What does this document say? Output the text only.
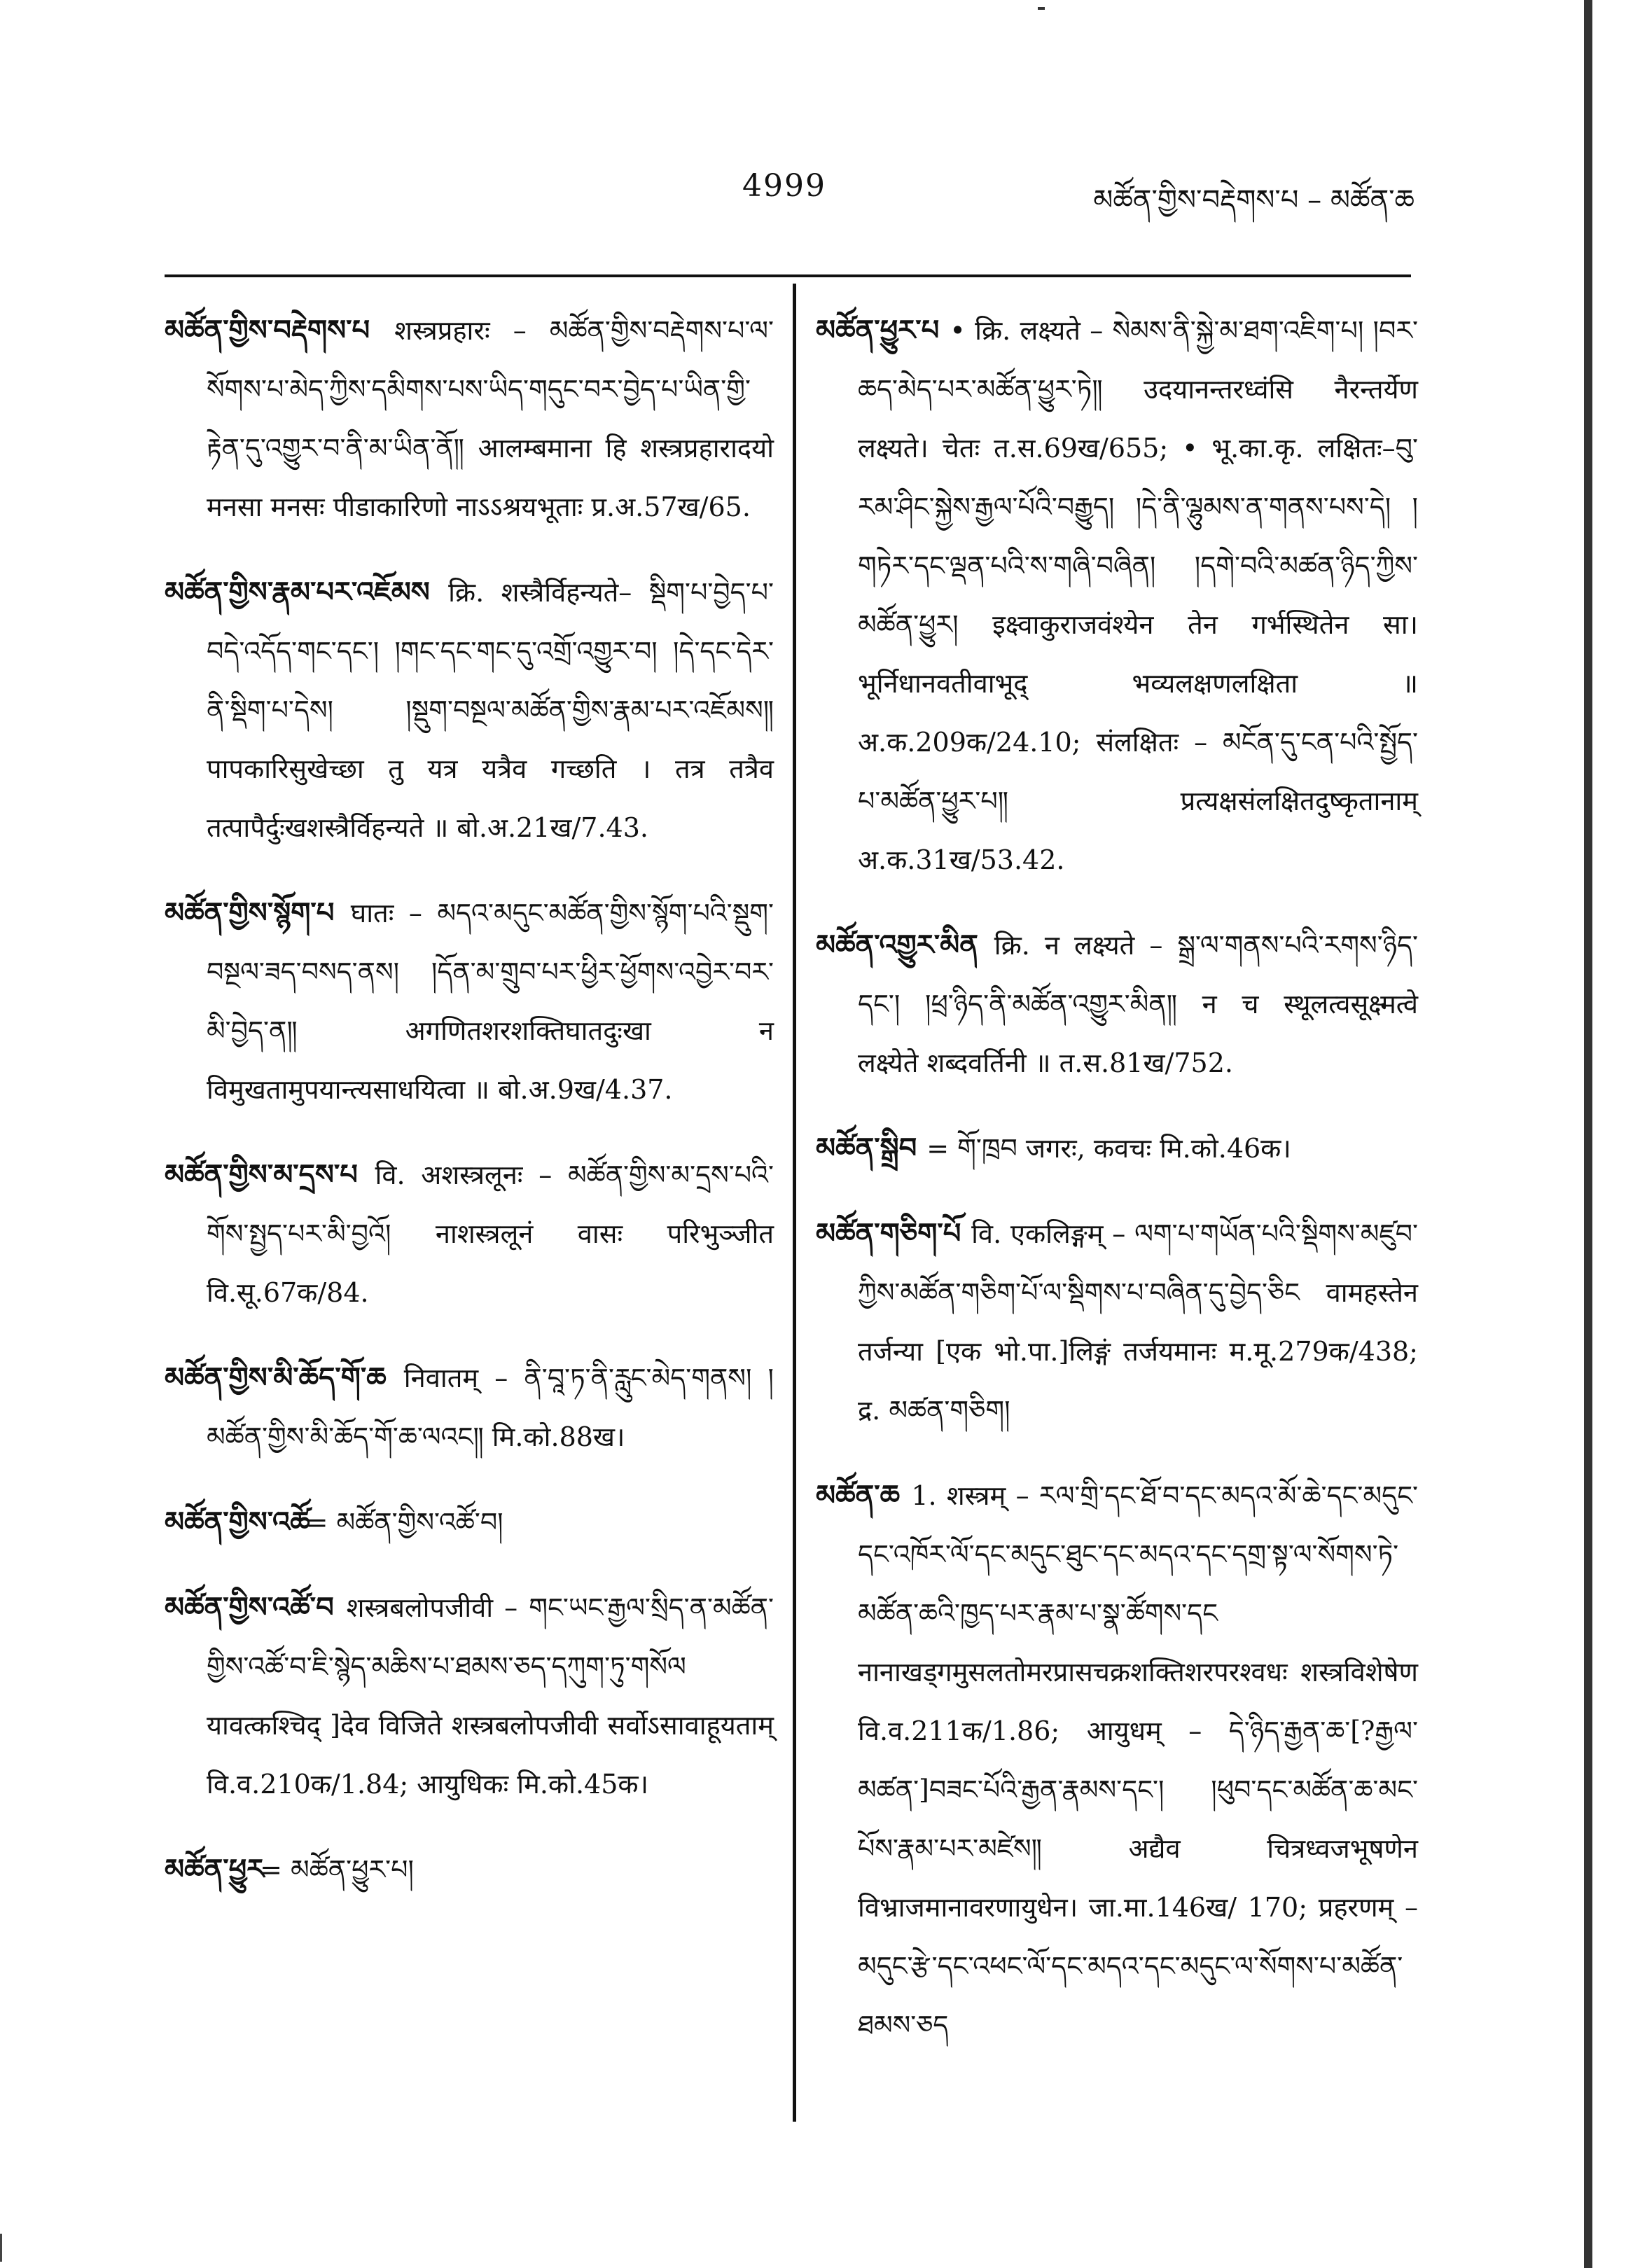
4999	མཚོན་གྱིས་བརྡེགས་པ – མཚོན་ཆ

མཚོན་གྱིས་བརྡེགས་པ शस्त्रप्रहारः – མཚོན་གྱིས་བརྡེགས་པ་ལ་སོགས་པ་མེད་ཀྱིས་དམིགས་པས་ཡིད་གདུང་བར་བྱེད་པ་ཡིན་གྱི་རྟེན་དུ་འགྱུར་བ་ནི་མ་ཡིན་ནོ༎ आलम्बमाना हि शस्त्रप्रहारादयो मनसा मनसः पीडाकारिणो नाऽऽश्रयभूताः प्र.अ.57ख/65.

མཚོན་གྱིས་རྣམ་པར་འཇོམས क्रि. शस्त्रैर्विहन्यते– སྡིག་པ་བྱེད་པ་བདེ་འདོད་གང་དང་། །གང་དང་གང་དུ་འགྲོ་འགྱུར་བ། །དེ་དང་དེར་ནི་སྡིག་པ་དེས། །སྡུག་བསྔལ་མཚོན་གྱིས་རྣམ་པར་འཇོམས༎ पापकारिसुखेच्छा तु यत्र यत्रैव गच्छति । तत्र तत्रैव तत्पापैर्दुःखशस्त्रैर्विहन्यते ॥ बो.अ.21ख/7.43.

མཚོན་གྱིས་སྙོག་པ घातः – མདའ་མདུང་མཚོན་གྱིས་སྙོག་པའི་སྡུག་བསྔལ་ཟད་བསད་ནས། །དོན་མ་གྲུབ་པར་ཕྱིར་ཕྱོགས་འབྱེར་བར་མི་བྱེད་ན༎ अगणितशरशक्तिघातदुःखा न विमुखतामुपयान्त्यसाधयित्वा ॥ बो.अ.9ख/4.37.

མཚོན་གྱིས་མ་དྲས་པ वि. अशस्त्रलूनः – མཚོན་གྱིས་མ་དྲས་པའི་གོས་སྤྱད་པར་མི་བྱའོ། नाशस्त्रलूनं वासः परिभुञ्जीत वि.सू.67क/84.

མཚོན་གྱིས་མི་ཆོད་གོ་ཆ निवातम् – ནི་བཱ་ཏ་ནི་རླུང་མེད་གནས། །མཚོན་གྱིས་མི་ཆོད་གོ་ཆ་ལའང༎ मि.को.88ख।

མཚོན་གྱིས་འཚོ= མཚོན་གྱིས་འཚོ་བ།

མཚོན་གྱིས་འཚོ་བ शस्त्रबलोपजीवी – གང་ཡང་རྒྱལ་སྲིད་ན་མཚོན་གྱིས་འཚོ་བ་ཇི་སྙེད་མཆིས་པ་ཐམས་ཅད་དཀུག་ཏུ་གསོལ यावत्कश्चिद् ]देव विजिते शस्त्रबलोपजीवी सर्वोऽसावाहूयताम् वि.व.210क/1.84; आयुधिकः मि.को.45क।

མཚོན་ཕྱུར= མཚོན་ཕྱུར་པ།

མཚོན་ཕྱུར་པ • क्रि. लक्ष्यते – སེམས་ནི་སྐྱེ་མ་ཐག་འཇིག་པ། །བར་ཆད་མེད་པར་མཚོན་ཕྱུར་ཏེ༎ उदयानन्तरध्वंसि नैरन्तर्येण लक्ष्यते। चेतः त.स.69ख/655; • भू.का.कृ. लक्षितः–བུ་རམ་ཤིང་སྐྱེས་རྒྱལ་པོའི་བརྒྱུད། །དེ་ནི་ལྷུམས་ན་གནས་པས་དེ། །གཏེར་དང་ལྡན་པའི་ས་གཞི་བཞིན། །དགེ་བའི་མཚན་ཉིད་ཀྱིས་མཚོན་ཕྱུར། इक्ष्वाकुराजवंश्येन तेन गर्भस्थितेन सा। भूर्निधानवतीवाभूद् भव्यलक्षणलक्षिता ॥ अ.क.209क/24.10; संलक्षितः – མངོན་དུ་ངན་པའི་སྤྱོད་པ་མཚོན་ཕྱུར་པ༎ प्रत्यक्षसंलक्षितदुष्कृतानाम् अ.क.31ख/53.42.

མཚོན་འགྱུར་མིན क्रि. न लक्ष्यते – སྒྲ་ལ་གནས་པའི་རགས་ཉིད་དང་། །ཕྲ་ཉིད་ནི་མཚོན་འགྱུར་མིན༎ न च स्थूलत्वसूक्ष्मत्वे लक्ष्येते शब्दवर्तिनी ॥ त.स.81ख/752.

མཚོན་སྒྲིབ = གོ་ཁྲབ जगरः, कवचः मि.को.46क।

མཚོན་གཅིག་པོ वि. एकलिङ्गम् – ལག་པ་གཡོན་པའི་སྡིགས་མཛུབ་ཀྱིས་མཚོན་གཅིག་པོ་ལ་སྡིགས་པ་བཞིན་དུ་བྱེད་ཅིང वामहस्तेन तर्जन्या [एक भो.पा.]लिङ्गं तर्जयमानः म.मू.279क/438; द्र. མཚན་གཅིག།

མཚོན་ཆ 1. शस्त्रम् – རལ་གྲི་དང་ཐོ་བ་དང་མདའ་མོ་ཆེ་དང་མདུང་དང་འཁོར་ལོ་དང་མདུང་ཐུང་དང་མདའ་དང་དགྲ་སྟ་ལ་སོགས་ཏེ་མཚོན་ཆའི་ཁྱད་པར་རྣམ་པ་སྣ་ཚོགས་དང नानाखड्गमुसलतोमरप्रासचक्रशक्तिशरपरश्वधः शस्त्रविशेषेण वि.व.211क/1.86; आयुधम् – དེ་ཉིད་རྒྱན་ཆ་[?རྒྱལ་མཚན་]བཟང་པོའི་རྒྱན་རྣམས་དང་། །ཕུབ་དང་མཚོན་ཆ་མང་པོས་རྣམ་པར་མཛེས༎ अद्यैव चित्रध्वजभूषणेन विभ्राजमानावरणायुधेन। जा.मा.146ख/ 170; प्रहरणम् – མདུང་རྩེ་དང་འཕང་ལོ་དང་མདའ་དང་མདུང་ལ་སོགས་པ་མཚོན་ཐམས་ཅད
